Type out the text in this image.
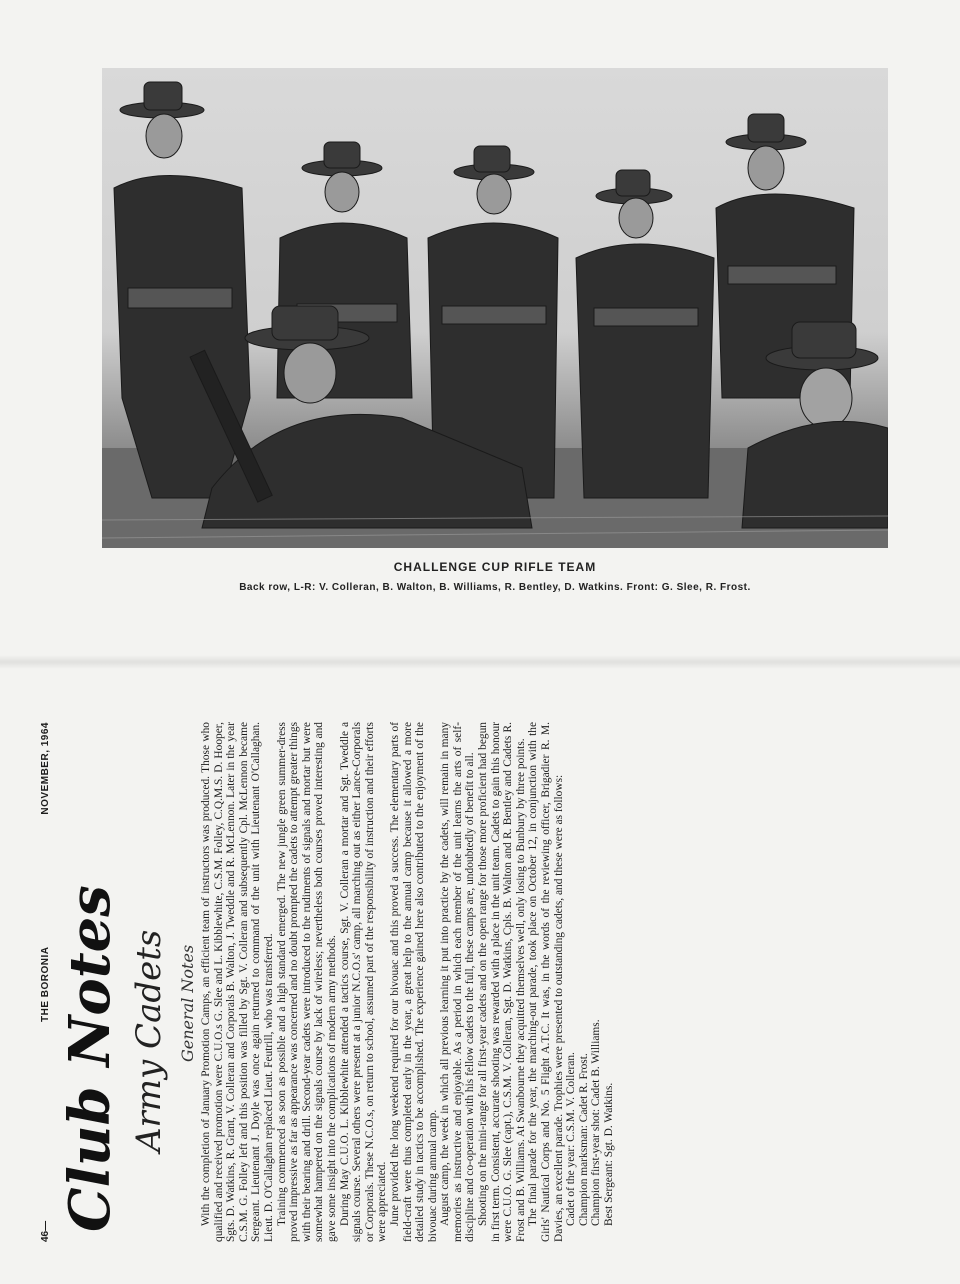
CHALLENGE CUP RIFLE TEAM
Back row, L-R: V. Colleran, B. Walton, B. Williams, R. Bentley, D. Watkins. Front: G. Slee, R. Frost.
46—
THE BORONIA
NOVEMBER, 1964
Club Notes Army Cadets General Notes With the completion of January Promotion Camps, an efficient team of instructors was produced. Those who qualified and received promotion were C.U.O.s G. Slee and L. Kibblewhite, C.S.M. Folley, C.Q.M.S. D. Hooper, Sgts. D. Watkins, R. Grant, V. Colleran and Corporals B. Walton, J. Tweddle and R. McLennon. Later in the year C.S.M. G. Folley left and this position was filled by Sgt. V. Colleran and subsequently Cpl. McLennon became Sergeant. Lieutenant J. Doyle was once again returned to command of the unit with Lieutenant O'Callaghan. Lieut. D. O'Callaghan replaced Lieut. Feutrill, who was transferred. Training commenced as soon as possible and a high standard emerged. The new jungle green summer-dress proved impressive as far as appearance was concerned and no doubt prompted the cadets to attempt greater things with their bearing and drill. Second-year cadets were introduced to the rudiments of signals and mortar but were somewhat hampered on the signals course by lack of wireless; nevertheless both courses proved interesting and gave some insight into the complications of modern army methods. During May C.U.O. L. Kibblewhite attended a tactics course, Sgt. V. Colleran a mortar and Sgt. Tweddle a signals course. Several others were present at a junior N.C.O.s' camp, all marching out as either Lance-Corporals or Corporals. These N.C.O.s, on return to school, assumed part of the responsibility of instruction and their efforts were appreciated. June provided the long weekend required for our bivouac and this proved a success. The elementary parts of field-craft were thus completed early in the year, a great help to the annual camp because it allowed a more detailed study in tactics to be accomplished. The experience gained here also contributed to the enjoyment of the bivouac during annual camp. August camp, the week in which all previous learning it put into practice by the cadets, will remain in many memories as instructive and enjoyable. As a period in which each member of the unit learns the arts of self-discipline and co-operation with his fellow cadets to the full, these camps are, undoubtedly of benefit to all. Shooting on the mini-range for all first-year cadets and on the open range for those more proficient had begun in first term. Consistent, accurate shooting was rewarded with a place in the unit team. Cadets to gain this honour were C.U.O. G. Slee (capt.), C.S.M. V. Colleran, Sgt. D. Watkins, Cpls. B. Walton and R. Bentley and Cadets R. Frost and B. Williams. At Swanbourne they acquitted themselves well, only losing to Bunbury by three points. The final parade for the year, the marching-out parade, took place on October 12, in conjunction with the Girls' Nautical Corps and No. 5 Flight A.T.C. It was, in the words of the reviewing officer, Brigadier R. M. Davies, an excellent parade. Trophies were presented to outstanding cadets, and these were as follows: Cadet of the year: C.S.M. V. Colleran. Champion marksman: Cadet R. Frost. Champion first-year shot: Cadet B. Williams. Best Sergeant: Sgt. D. Watkins.
